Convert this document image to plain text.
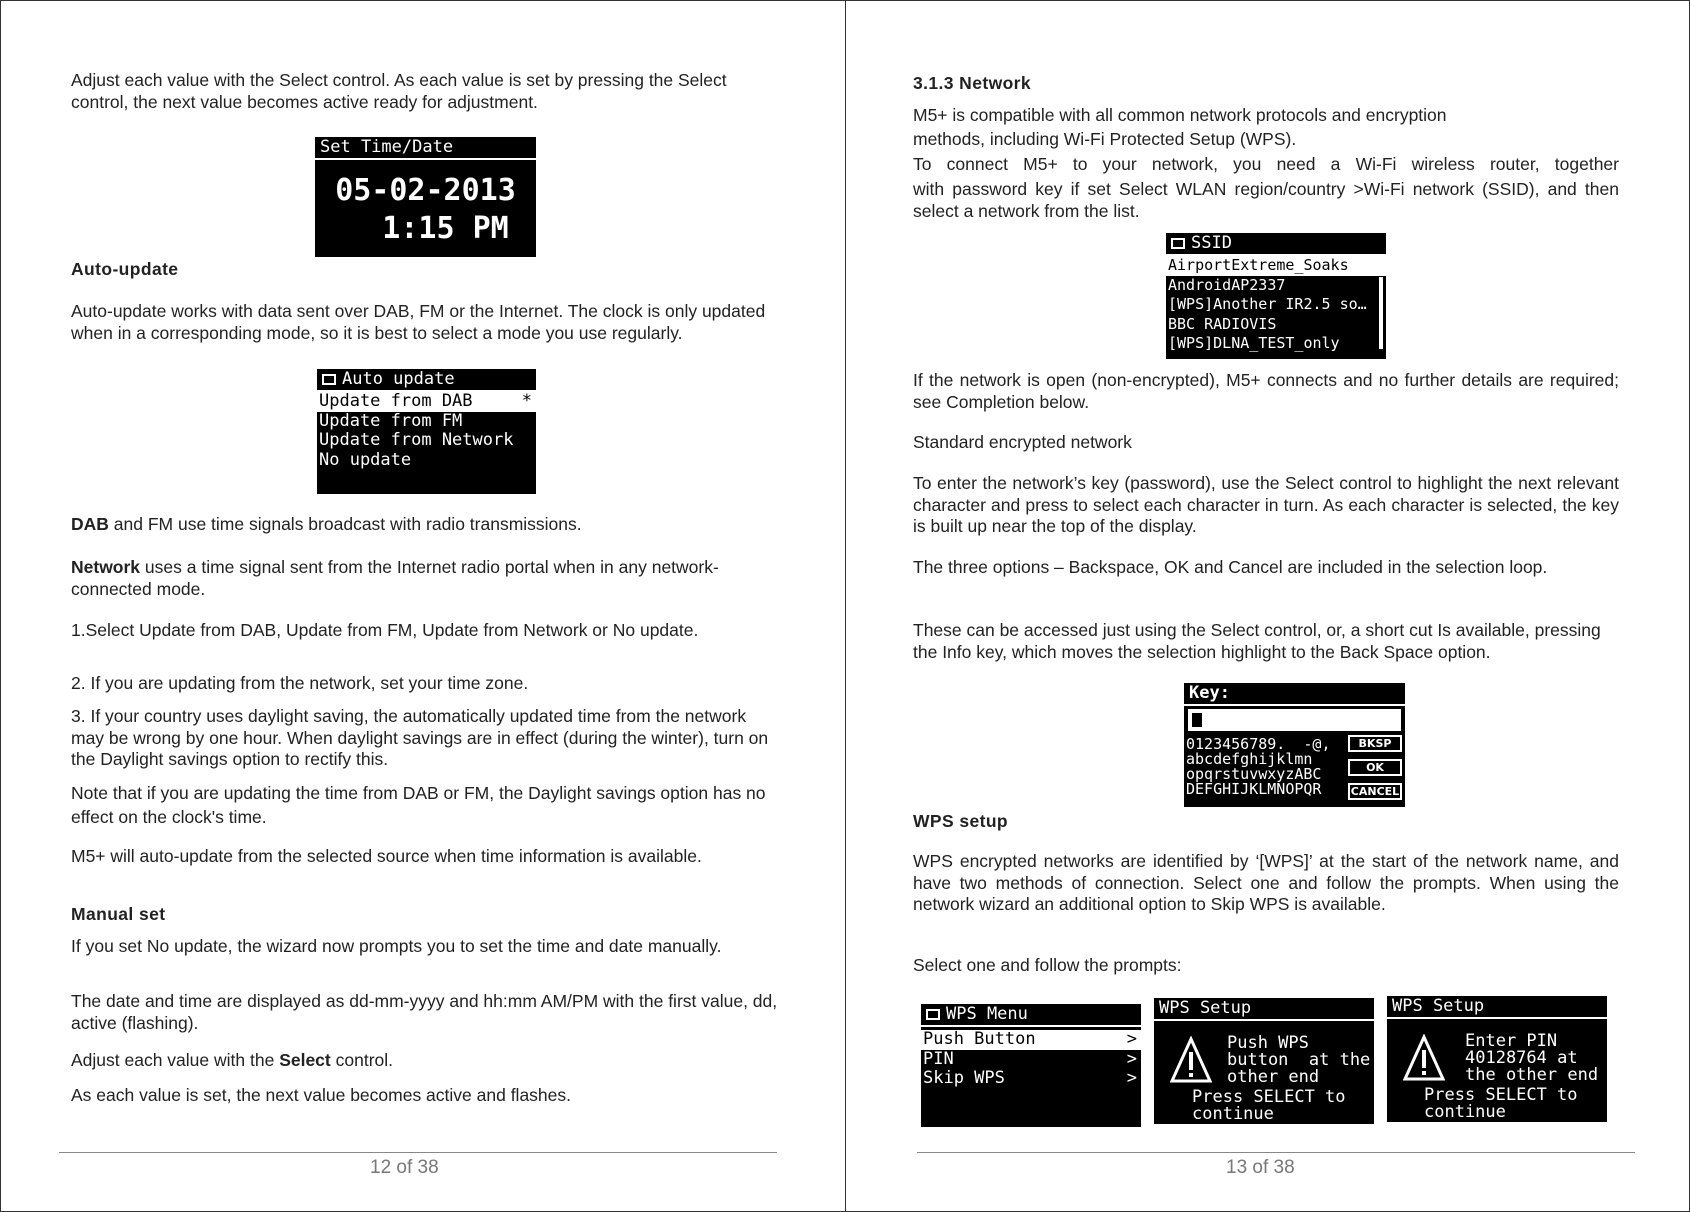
Adjust each value with the Select control. As each value is set by pressing the Select control, the next value becomes active ready for adjustment.

Set Time/Date
05-02-2013
1:15 PM
Auto-update

Auto-update works with data sent over DAB, FM or the Internet. The clock is only updated when in a corresponding mode, so it is best to select a mode you use regularly.

Auto update
Update from DAB	*
Update from FM
Update from Network
No update

DAB and FM use time signals broadcast with radio transmissions.

Network uses a time signal sent from the Internet radio portal when in any network-connected mode.

1.Select Update from DAB, Update from FM, Update from Network or No update.

2. If you are updating from the network, set your time zone.

3. If your country uses daylight saving, the automatically updated time from the network may be wrong by one hour. When daylight savings are in effect (during the winter), turn on the Daylight savings option to rectify this.

Note that if you are updating the time from DAB or FM, the Daylight savings option has no effect on the clock's time.

M5+ will auto-update from the selected source when time information is available.

Manual set

If you set No update, the wizard now prompts you to set the time and date manually.

The date and time are displayed as dd-mm-yyyy and hh:mm AM/PM with the first value, dd, active (flashing).

Adjust each value with the Select control.

As each value is set, the next value becomes active and flashes.

12 of 38
3.1.3 Network

M5+ is compatible with all common network protocols and encryption

methods, including Wi-Fi Protected Setup (WPS).

To connect M5+ to your network, you need a Wi-Fi wireless router, together

with password key if set Select WLAN region/country >Wi-Fi network (SSID), and then select a network from the list.

SSID
AirportExtreme_Soaks
AndroidAP2337
[WPS]Another IR2.5 so…
BBC RADIOVIS
[WPS]DLNA_TEST_only

If the network is open (non-encrypted), M5+ connects and no further details are required; see Completion below.

Standard encrypted network

To enter the network’s key (password), use the Select control to highlight the next relevant character and press to select each character in turn. As each character is selected, the key is built up near the top of the display.

The three options – Backspace, OK and Cancel are included in the selection loop.

These can be accessed just using the Select control, or, a short cut Is available, pressing the Info key, which moves the selection highlight to the Back Space option.

Key:
0123456789. _-@,
abcdefghijklmn
opqrstuvwxyzABC
DEFGHIJKLMNOPQR
BKSP
OK
CANCEL
WPS setup

WPS encrypted networks are identified by ‘[WPS]’ at the start of the network name, and have two methods of connection. Select one and follow the prompts. When using the network wizard an additional option to Skip WPS is available.

Select one and follow the prompts:

WPS Menu
Push Button	>
PIN	>
Skip WPS	>
WPS Setup
Push WPS
button  at the
other end
Press SELECT to
continue
WPS Setup
Enter PIN
40128764 at
the other end
Press SELECT to
continue
13 of 38
